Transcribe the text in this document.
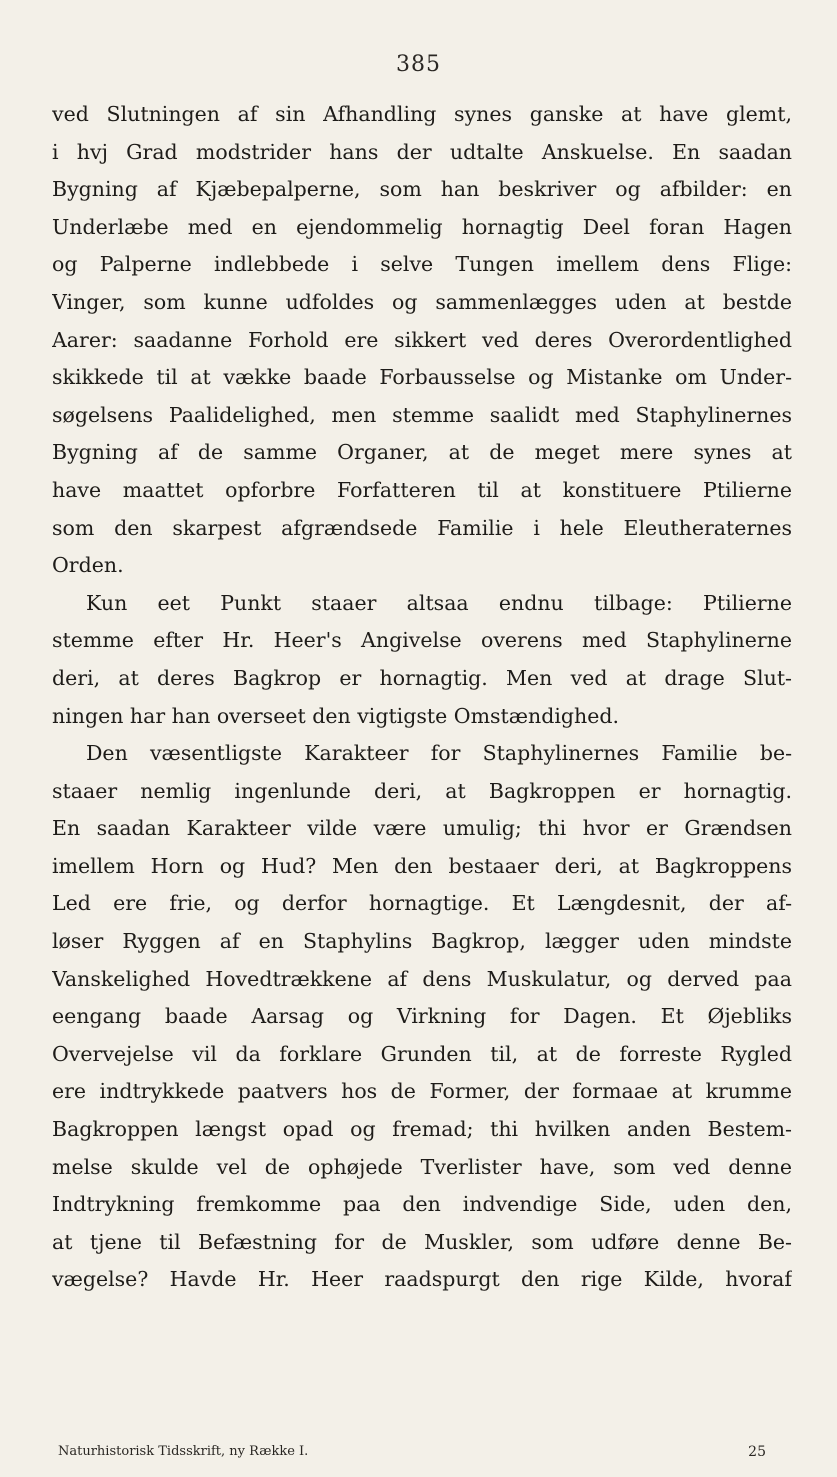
385
ved Slutningen af sin Afhandling synes ganske at have glemt,
i hvj Grad modstrider hans der udtalte Anskuelse. En saadan
Bygning af Kjæbepalperne, som han beskriver og afbilder: en
Underlæbe med en ejendommelig hornagtig Deel foran Hagen
og Palperne indlebbede i selve Tungen imellem dens Flige:
Vinger, som kunne udfoldes og sammenlægges uden at bestde
Aarer: saadanne Forhold ere sikkert ved deres Overordentlighed
skikkede til at vække baade Forbausselse og Mistanke om Under-
søgelsens Paalidelighed, men stemme saalidt med Staphylinernes
Bygning af de samme Organer, at de meget mere synes at
have maattet opforbre Forfatteren til at konstituere Ptilierne
som den skarpest afgrændsede Familie i hele Eleutheraternes
Orden.
Kun eet Punkt staaer altsaa endnu tilbage: Ptilierne
stemme efter Hr. Heer's Angivelse overens med Staphylinerne
deri, at deres Bagkrop er hornagtig. Men ved at drage Slut-
ningen har han overseet den vigtigste Omstændighed.
Den væsentligste Karakteer for Staphylinernes Familie be-
staaer nemlig ingenlunde deri, at Bagkroppen er hornagtig.
En saadan Karakteer vilde være umulig; thi hvor er Grændsen
imellem Horn og Hud? Men den bestaaer deri, at Bagkroppens
Led ere frie, og derfor hornagtige. Et Længdesnit, der af-
løser Ryggen af en Staphylins Bagkrop, lægger uden mindste
Vanskelighed Hovedtrækkene af dens Muskulatur, og derved paa
eengang baade Aarsag og Virkning for Dagen. Et Øjebliks
Overvejelse vil da forklare Grunden til, at de forreste Rygled
ere indtrykkede paatvers hos de Former, der formaae at krumme
Bagkroppen længst opad og fremad; thi hvilken anden Bestem-
melse skulde vel de ophøjede Tverlister have, som ved denne
Indtrykning fremkomme paa den indvendige Side, uden den,
at tjene til Befæstning for de Muskler, som udføre denne Be-
vægelse? Havde Hr. Heer raadspurgt den rige Kilde, hvoraf
Naturhistorisk Tidsskrift, ny Række I.	25
